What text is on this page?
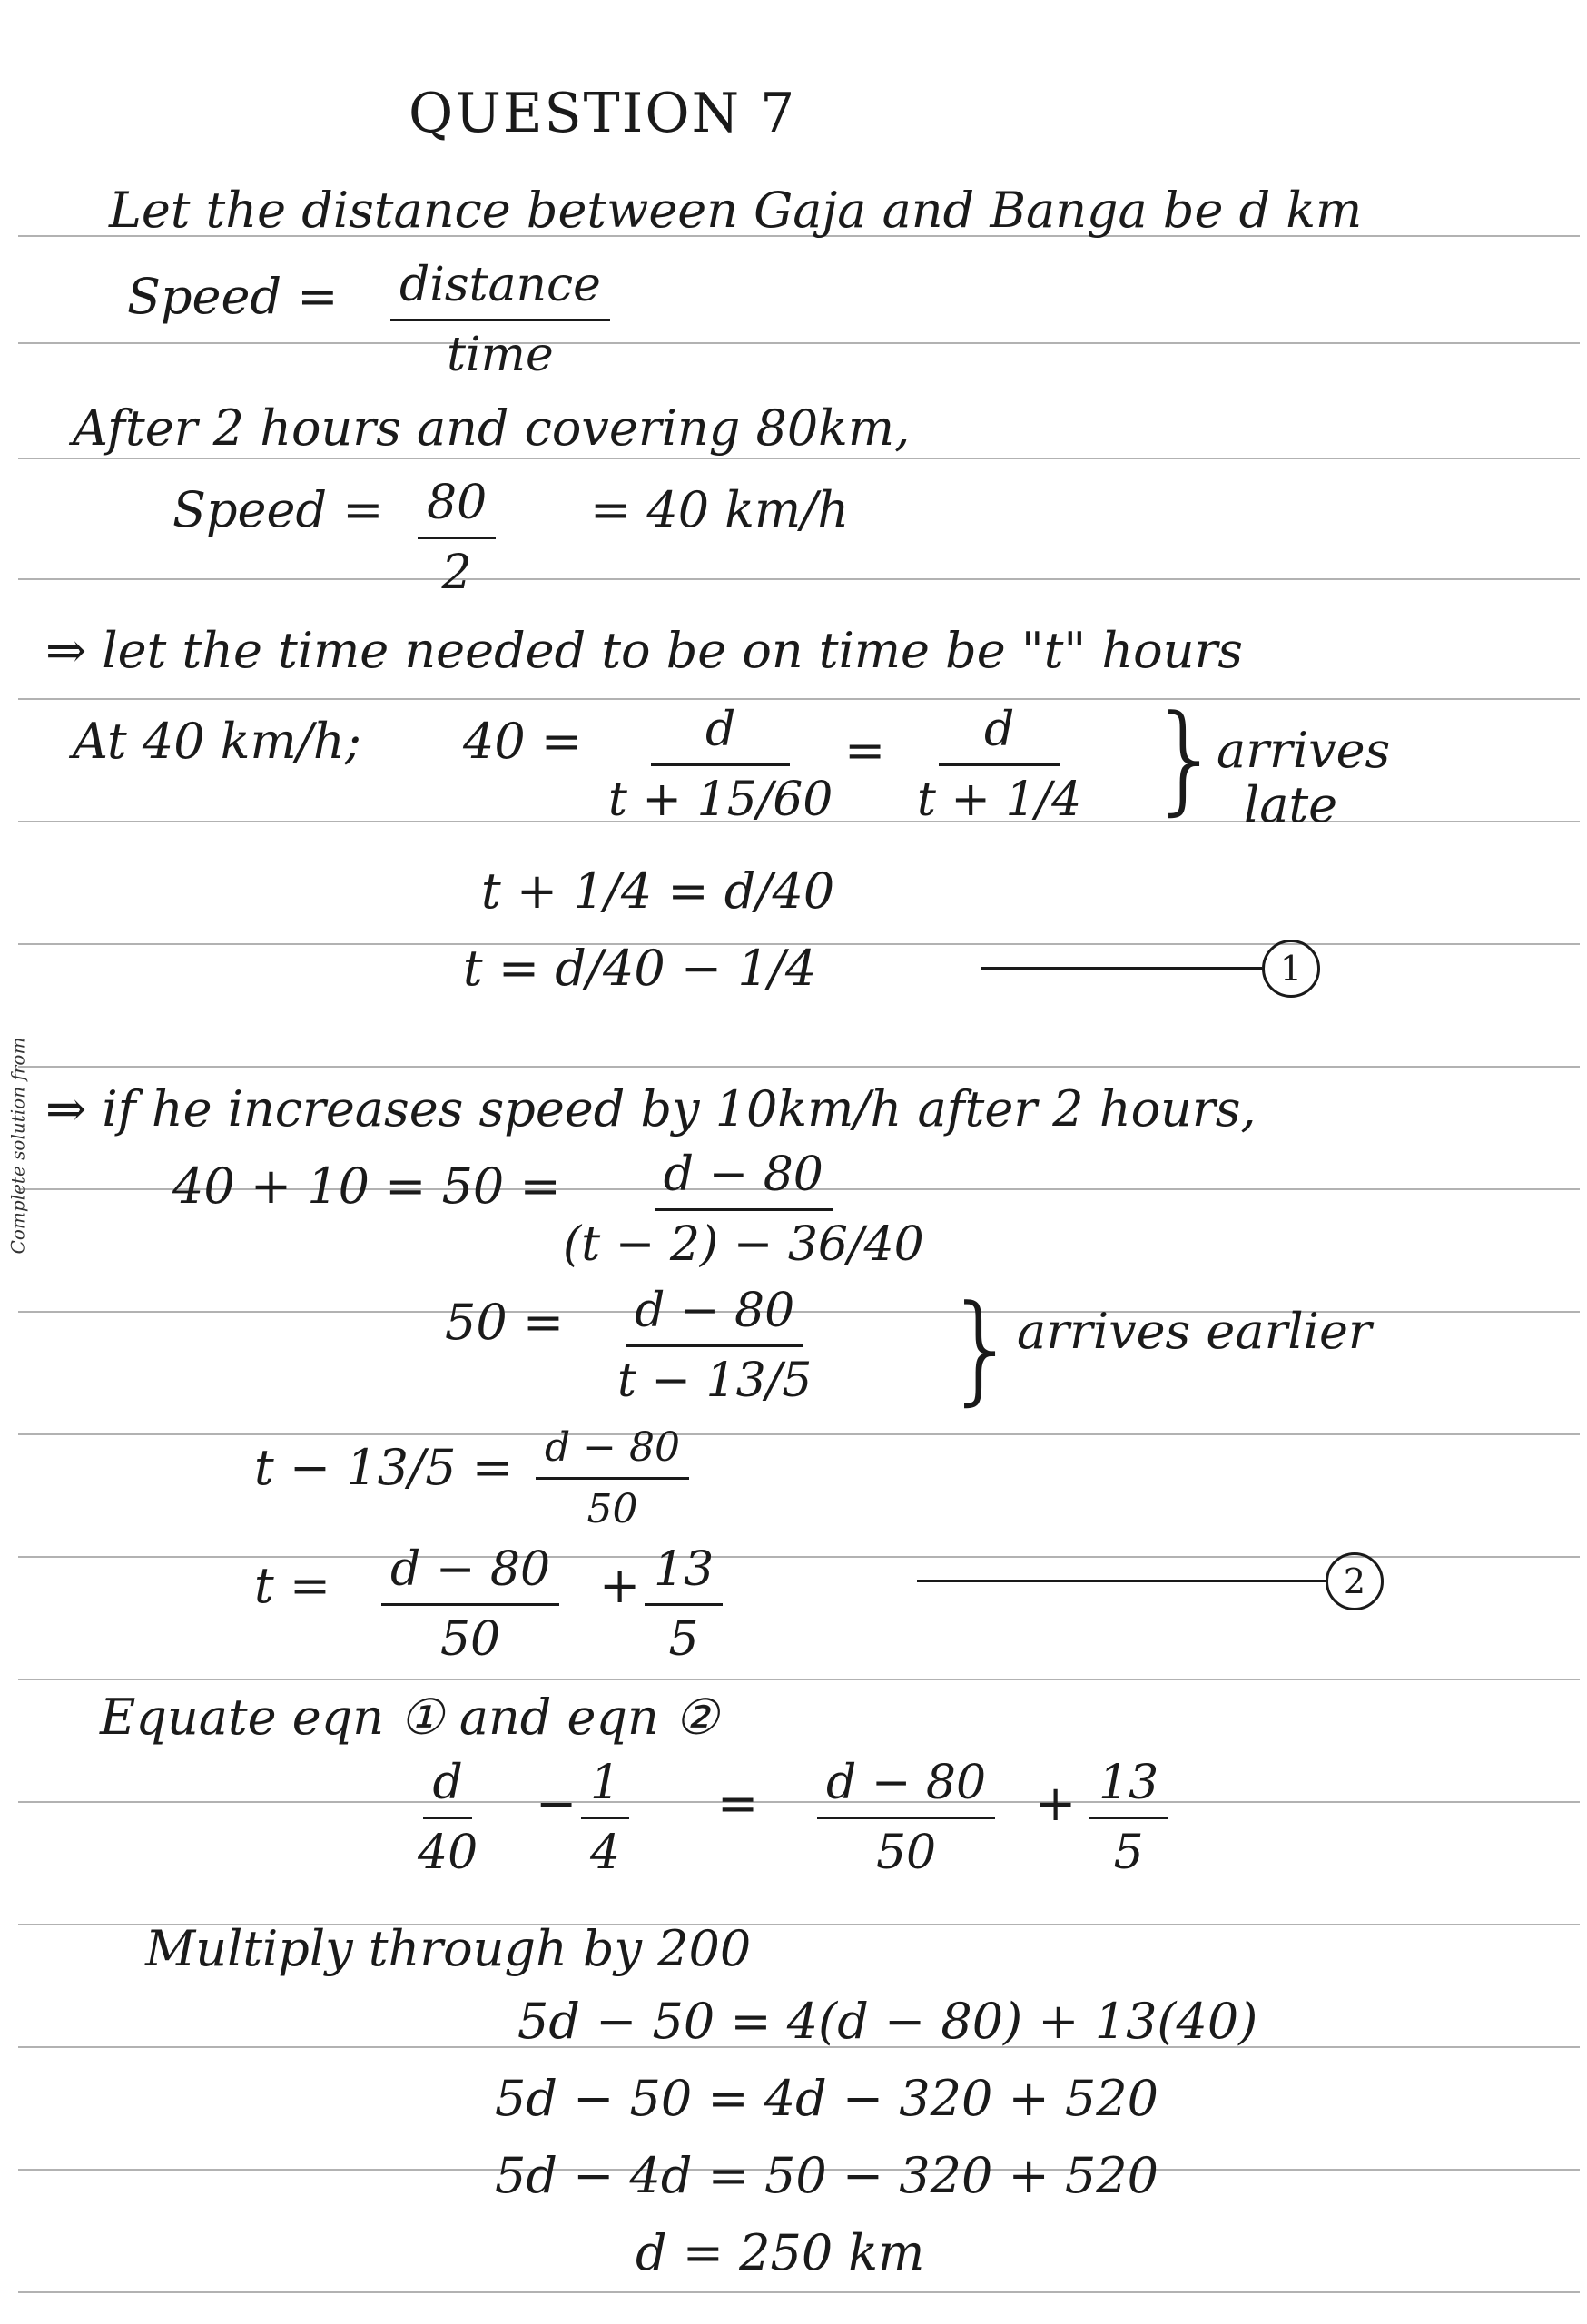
Complete solution from
QUESTION 7
Let the distance between Gaja and Banga be d km
Speed = distance
time
After 2 hours and covering 80km,
Speed = $\frac{80}{2} = 40$ km/h
⇒ let the time needed to be on time be "t" hours
At 40 km/h; $40 = \frac{d}{t + 15/60} = \frac{d}{t + 1/4}$ }
arrives
late
t + 1/4 = d/40
t = d/40 − 1/4	1
⇒ if he increases speed by 10km/h after 2 hours,
$40 + 10 = 50 = \frac{d - 80}{(t - 2) - 36/40}$
$50 = \frac{d - 80}{t - 13/5}$ }
arrives earlier
$t - 13/5 = \frac{d - 80}{50}$
$t = \frac{d - 80}{50} + \frac{13}{5}$	2
Equate eqn ① and eqn ②
$\frac{d}{40} - \frac{1}{4} = \frac{d - 80}{50} + \frac{13}{5}$
Multiply through by 200
5d − 50 = 4(d − 80) + 13(40)
5d − 50 = 4d − 320 + 520
5d − 4d = 50 − 320 + 520
d = 250 km
